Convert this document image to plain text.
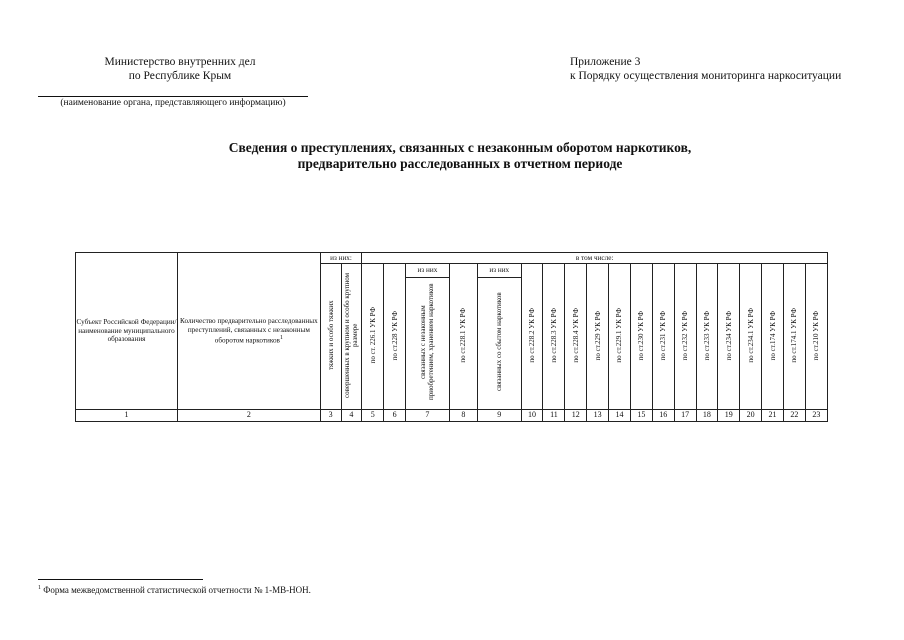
Министерство внутренних дел
по Республике Крым
(наименование органа, представляющего информацию)
Приложение 3
к Порядку осуществления мониторинга наркоситуации
Сведения о преступлениях, связанных с незаконным оборотом наркотиков,
предварительно расследованных в отчетном периоде
Субъект Российской Федерации/ наименование муниципального образования	Количество предварительно расследованных преступлений, связанных с незаконным оборотом наркотиков$^1$	из них:		в том числе:																		
		тяжких и особо тяжких	совершенных в крупном и особо крупном размере	по ст. 226.1 УК РФ	по ст.228 УК РФ	из них	по ст.228.1 УК РФ	из них	по ст.228.2 УК РФ	по ст.228.3 УК РФ	по ст.228.4 УК РФ	по ст.229 УК РФ	по ст.229.1 УК РФ	по ст.230 УК РФ	по ст.231 УК РФ	по ст.232 УК РФ	по ст.233 УК РФ	по ст.234 УК РФ	по ст.234.1 УК РФ	по ст.174 УК РФ	по ст.174.1 УК РФ	по ст.210 УК РФ
						связанных с незаконным приобретением, хранением наркотиков		связанных со сбытом наркотиков														
1	2	3	4	5	6	7	8	9	10	11	12	13	14	15	16	17	18	19	20	21	22	23
$^1$ Форма межведомственной статистической отчетности № 1-МВ-НОН.
